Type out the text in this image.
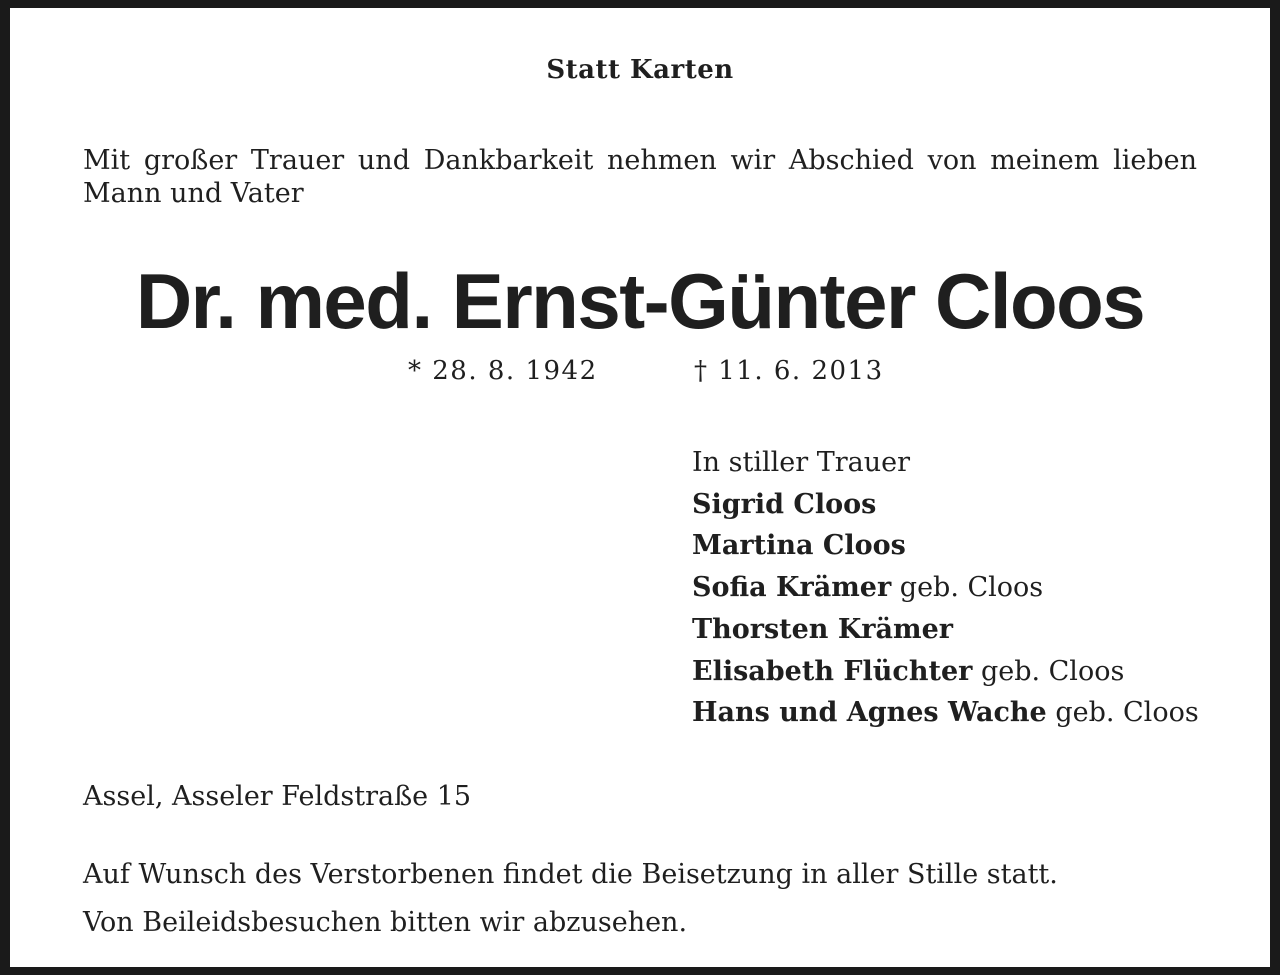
Statt Karten
Mit großer Trauer und Dankbarkeit nehmen wir Abschied von meinem lieben Mann und Vater
Dr. med. Ernst-Günter Cloos
* 28. 8. 1942	† 11. 6. 2013
In stiller Trauer
Sigrid Cloos
Martina Cloos
Sofia Krämer geb. Cloos
Thorsten Krämer
Elisabeth Flüchter geb. Cloos
Hans und Agnes Wache geb. Cloos
Assel, Asseler Feldstraße 15
Auf Wunsch des Verstorbenen findet die Beisetzung in aller Stille statt.
Von Beileidsbesuchen bitten wir abzusehen.
